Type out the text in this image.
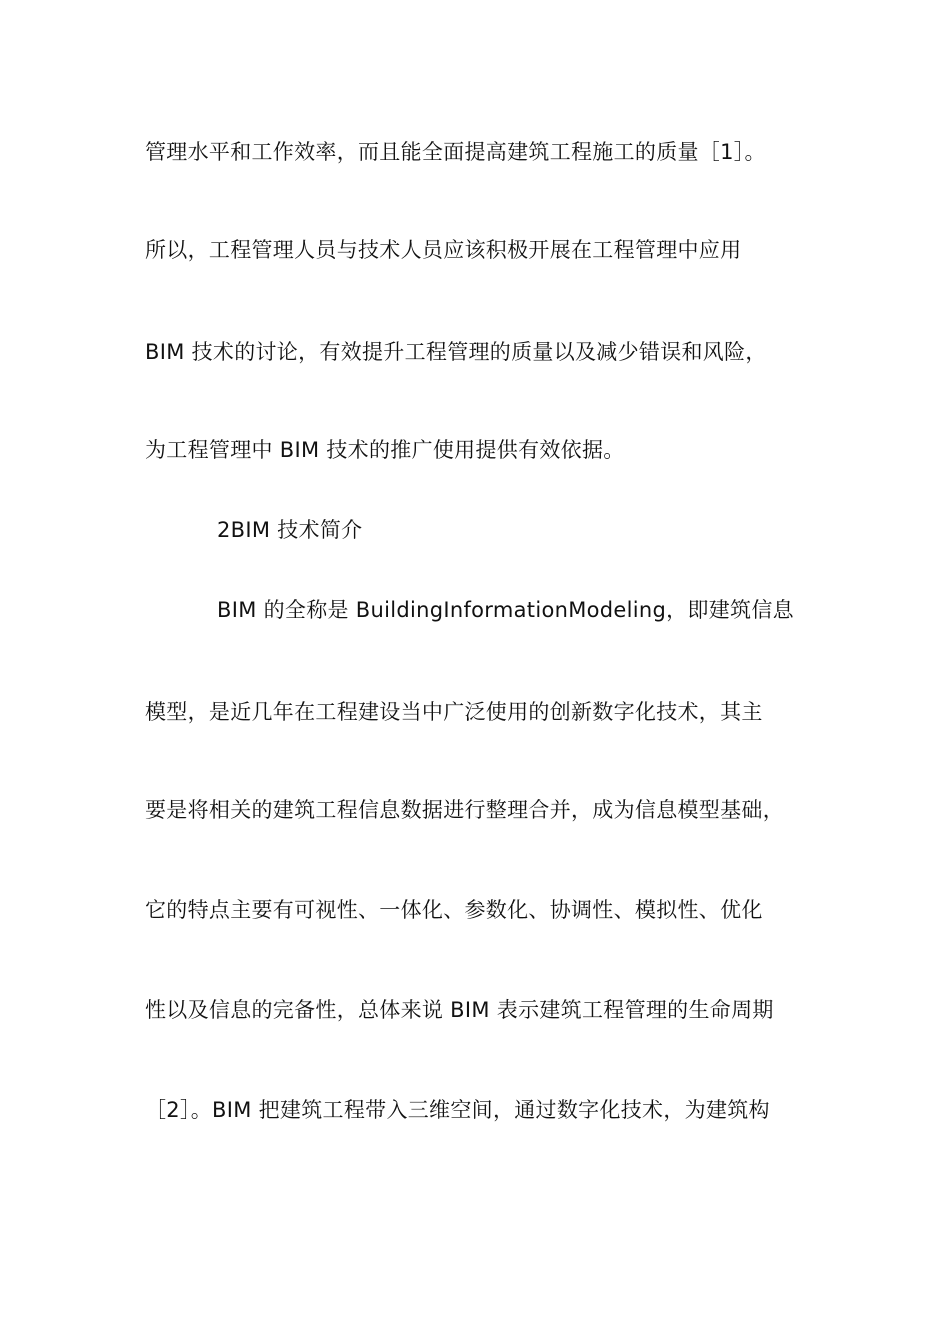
管理水平和工作效率，而且能全面提高建筑工程施工的质量［1］。
所以，工程管理人员与技术人员应该积极开展在工程管理中应用
BIM 技术的讨论，有效提升工程管理的质量以及减少错误和风险，
为工程管理中 BIM 技术的推广使用提供有效依据。
2BIM 技术简介
BIM 的全称是 BuildingInformationModeling，即建筑信息
模型，是近几年在工程建设当中广泛使用的创新数字化技术，其主
要是将相关的建筑工程信息数据进行整理合并，成为信息模型基础，
它的特点主要有可视性、一体化、参数化、协调性、模拟性、优化
性以及信息的完备性，总体来说 BIM 表示建筑工程管理的生命周期
［2］。BIM 把建筑工程带入三维空间，通过数字化技术，为建筑构
